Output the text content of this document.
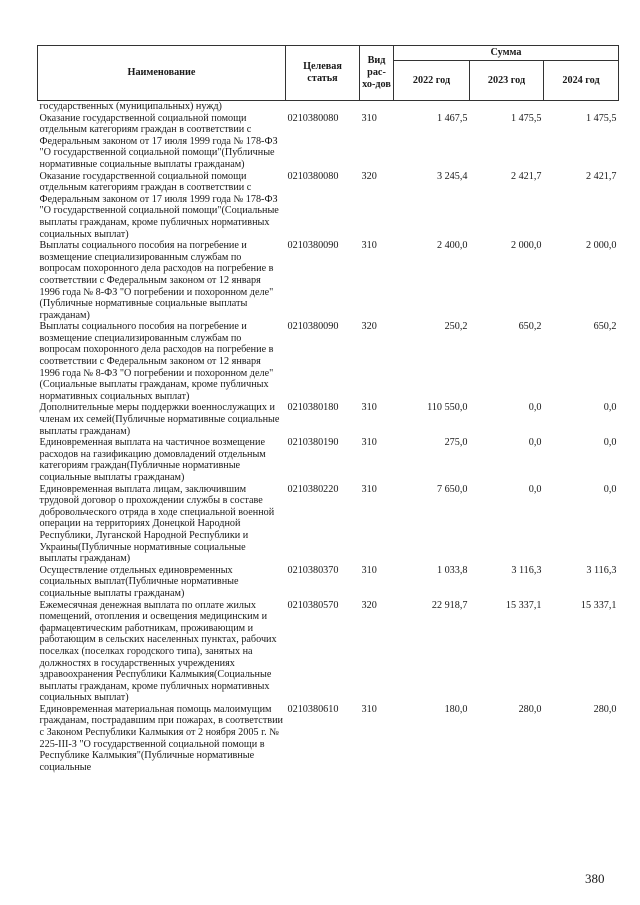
Наименование	Целевая статья	Вид рас-хо-дов	Сумма		
			2022 год	2023 год	2024 год
государственных (муниципальных) нужд)					
Оказание государственной социальной помощи отдельным категориям граждан в соответствии с Федеральным законом от 17 июля 1999 года № 178-ФЗ "О государственной социальной помощи"(Публичные нормативные социальные выплаты гражданам)	0210380080	310	1 467,5	1 475,5	1 475,5
Оказание государственной социальной помощи отдельным категориям граждан в соответствии с Федеральным законом от 17 июля 1999 года № 178-ФЗ "О государственной социальной помощи"(Социальные выплаты гражданам, кроме публичных нормативных социальных выплат)	0210380080	320	3 245,4	2 421,7	2 421,7
Выплаты социального пособия на погребение и возмещение специализированным службам по вопросам похоронного дела расходов на погребение в соответствии с Федеральным законом от 12 января 1996 года № 8-ФЗ "О погребении и похоронном деле"(Публичные нормативные социальные выплаты гражданам)	0210380090	310	2 400,0	2 000,0	2 000,0
Выплаты социального пособия на погребение и возмещение специализированным службам по вопросам похоронного дела расходов на погребение в соответствии с Федеральным законом от 12 января 1996 года № 8-ФЗ "О погребении и похоронном деле"(Социальные выплаты гражданам, кроме публичных нормативных социальных выплат)	0210380090	320	250,2	650,2	650,2
Дополнительные меры поддержки военнослужащих и членам их семей(Публичные нормативные социальные выплаты гражданам)	0210380180	310	110 550,0	0,0	0,0
Единовременная выплата на частичное возмещение расходов на газификацию домовладений отдельным категориям граждан(Публичные нормативные социальные выплаты гражданам)	0210380190	310	275,0	0,0	0,0
Единовременная выплата лицам, заключившим трудовой договор о прохождении службы в составе добровольческого отряда в ходе специальной военной операции на территориях Донецкой Народной Республики, Луганской Народной Республики и Украины(Публичные нормативные социальные выплаты гражданам)	0210380220	310	7 650,0	0,0	0,0
Осуществление отдельных единовременных социальных выплат(Публичные нормативные социальные выплаты гражданам)	0210380370	310	1 033,8	3 116,3	3 116,3
Ежемесячная денежная выплата по оплате жилых помещений, отопления и освещения медицинским и фармацевтическим работникам, проживающим и работающим в сельских населенных пунктах, рабочих поселках (поселках городского типа), занятых на должностях в государственных учреждениях здравоохранения Республики Калмыкия(Социальные выплаты гражданам, кроме публичных нормативных социальных выплат)	0210380570	320	22 918,7	15 337,1	15 337,1
Единовременная материальная помощь малоимущим гражданам, пострадавшим при пожарах, в соответствии с Законом Республики Калмыкия от 2 ноября 2005 г. № 225-III-З "О государственной социальной помощи в Республике Калмыкия"(Публичные нормативные социальные	0210380610	310	180,0	280,0	280,0
380
